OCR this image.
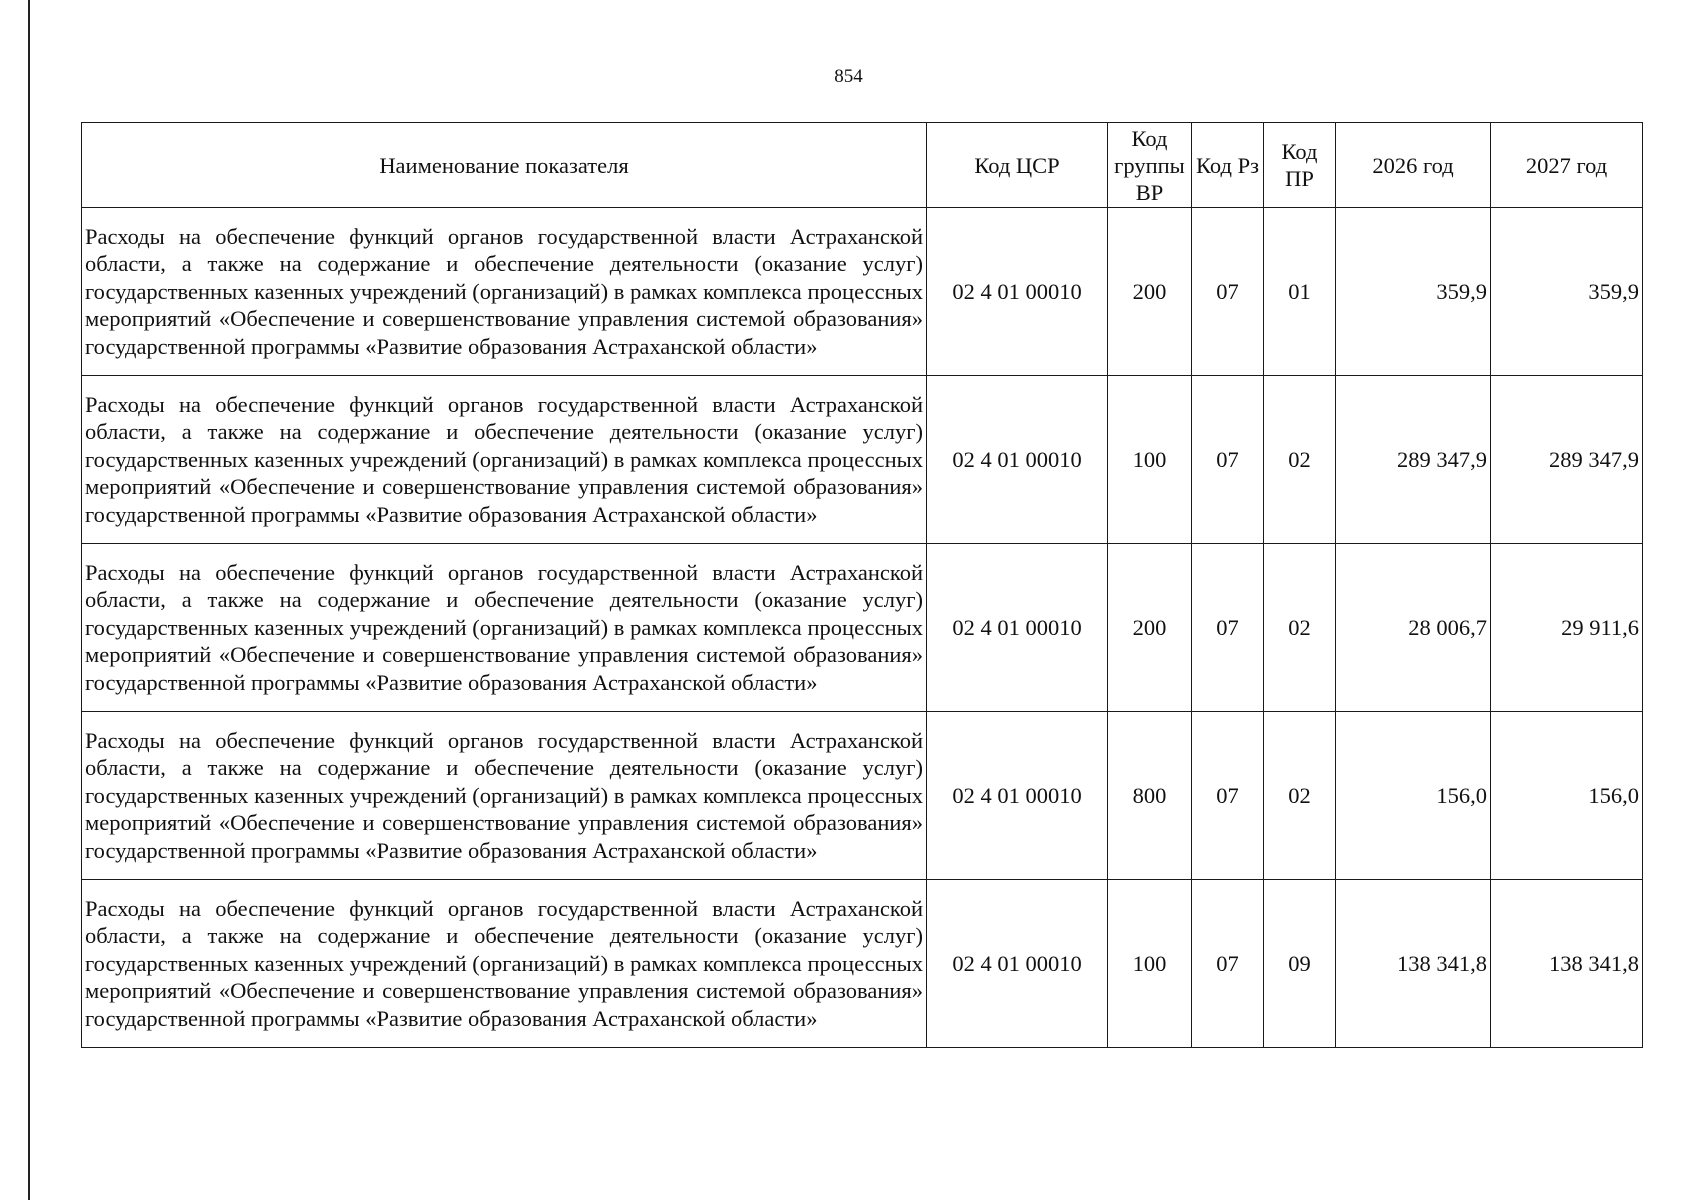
854
Наименование показателя	Код ЦСР	Код группы ВР	Код Рз	Код ПР	2026 год	2027 год
Расходы на обеспечение функций органов государственной власти Астраханской области, а также на содержание и обеспечение деятельности (оказание услуг) государственных казенных учреждений (организаций) в рамках комплекса процессных мероприятий «Обеспечение и совершенствование управления системой образования» государственной программы «Развитие образования Астраханской области»	02 4 01 00010	200	07	01	359,9	359,9
Расходы на обеспечение функций органов государственной власти Астраханской области, а также на содержание и обеспечение деятельности (оказание услуг) государственных казенных учреждений (организаций) в рамках комплекса процессных мероприятий «Обеспечение и совершенствование управления системой образования» государственной программы «Развитие образования Астраханской области»	02 4 01 00010	100	07	02	289 347,9	289 347,9
Расходы на обеспечение функций органов государственной власти Астраханской области, а также на содержание и обеспечение деятельности (оказание услуг) государственных казенных учреждений (организаций) в рамках комплекса процессных мероприятий «Обеспечение и совершенствование управления системой образования» государственной программы «Развитие образования Астраханской области»	02 4 01 00010	200	07	02	28 006,7	29 911,6
Расходы на обеспечение функций органов государственной власти Астраханской области, а также на содержание и обеспечение деятельности (оказание услуг) государственных казенных учреждений (организаций) в рамках комплекса процессных мероприятий «Обеспечение и совершенствование управления системой образования» государственной программы «Развитие образования Астраханской области»	02 4 01 00010	800	07	02	156,0	156,0
Расходы на обеспечение функций органов государственной власти Астраханской области, а также на содержание и обеспечение деятельности (оказание услуг) государственных казенных учреждений (организаций) в рамках комплекса процессных мероприятий «Обеспечение и совершенствование управления системой образования» государственной программы «Развитие образования Астраханской области»	02 4 01 00010	100	07	09	138 341,8	138 341,8
